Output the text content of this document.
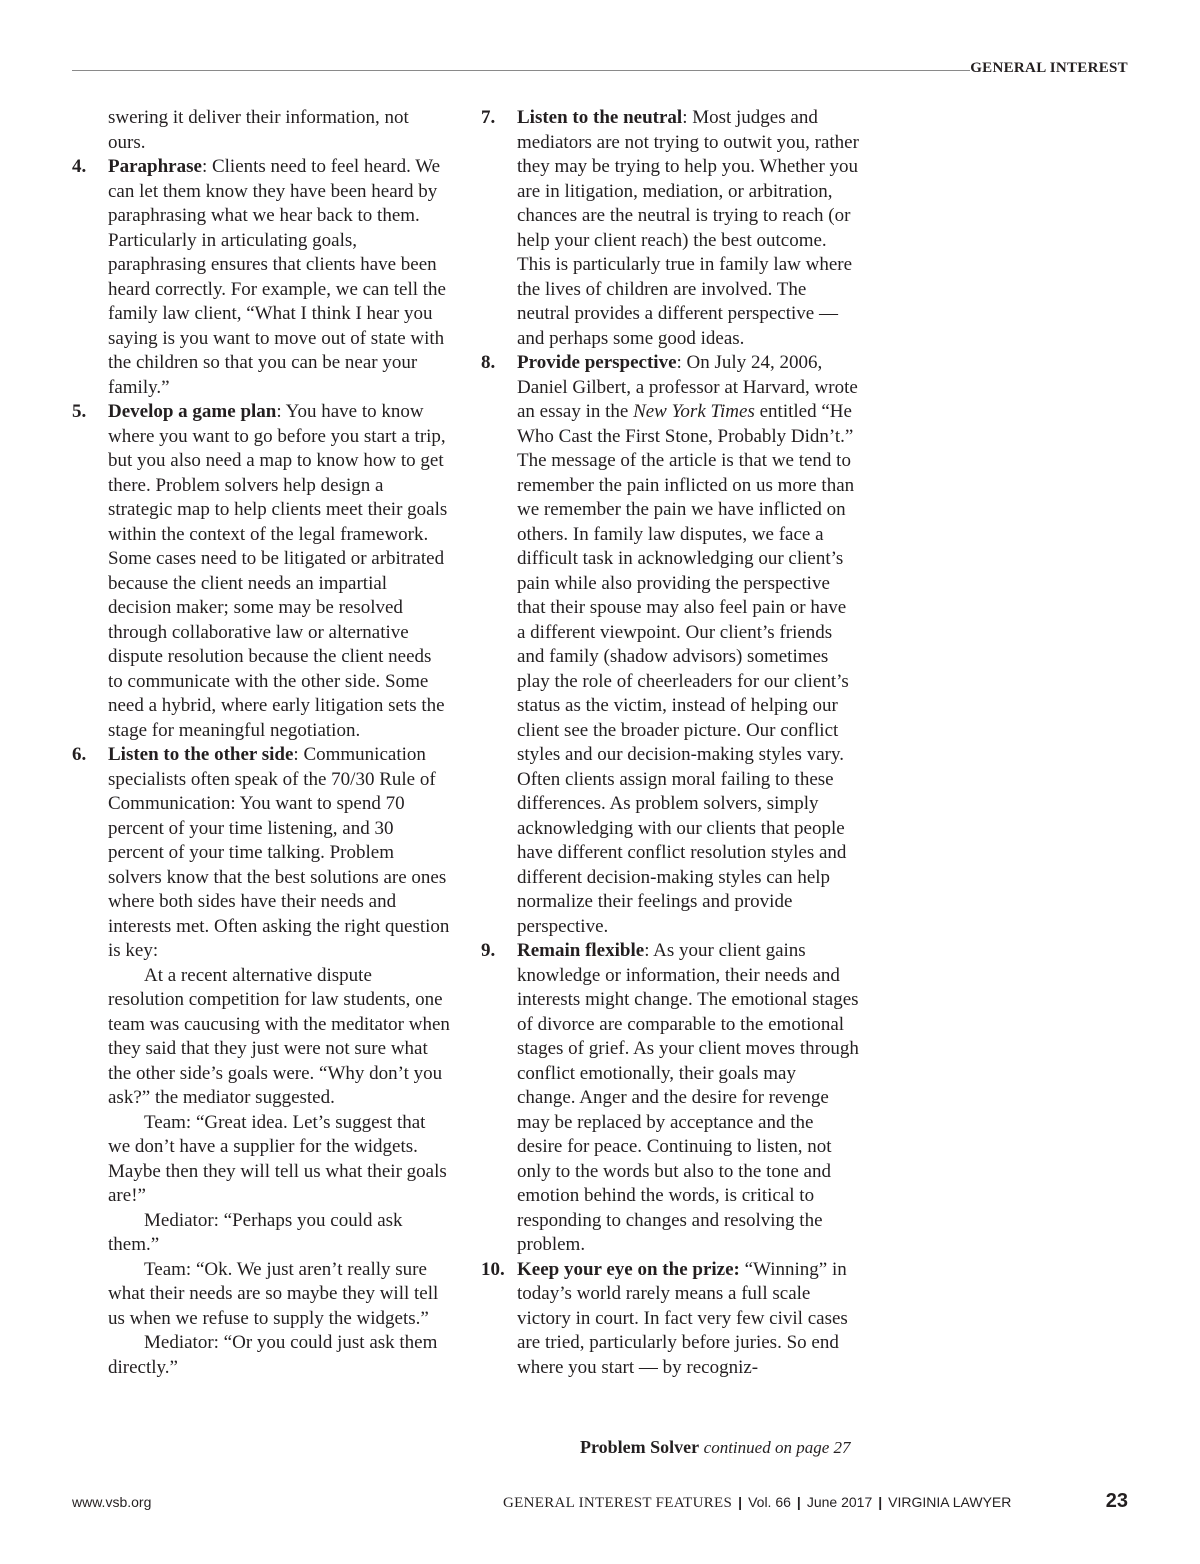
GENERAL INTEREST

swering it deliver their information, not ours.

4. Paraphrase: Clients need to feel heard. We can let them know they have been heard by paraphrasing what we hear back to them. Particularly in articulating goals, paraphrasing ensures that clients have been heard correctly. For example, we can tell the family law client, “What I think I hear you saying is you want to move out of state with the children so that you can be near your family.”

5. Develop a game plan: You have to know where you want to go before you start a trip, but you also need a map to know how to get there. Problem solvers help design a strategic map to help clients meet their goals within the context of the legal framework. Some cases need to be litigated or arbitrated because the client needs an impartial decision maker; some may be resolved through collaborative law or alternative dispute resolution because the client needs to communicate with the other side. Some need a hybrid, where early litigation sets the stage for meaningful negotiation.

6. Listen to the other side: Communication specialists often speak of the 70/30 Rule of Communication: You want to spend 70 percent of your time listening, and 30 percent of your time talking. Problem solvers know that the best solutions are ones where both sides have their needs and interests met. Often asking the right question is key:

At a recent alternative dispute resolution competition for law students, one team was caucusing with the meditator when they said that they just were not sure what the other side’s goals were. “Why don’t you ask?” the mediator suggested.

Team: “Great idea. Let’s suggest that we don’t have a supplier for the widgets. Maybe then they will tell us what their goals are!”

Mediator: “Perhaps you could ask them.”

Team: “Ok. We just aren’t really sure what their needs are so maybe they will tell us when we refuse to supply the widgets.”

Mediator: “Or you could just ask them directly.”

7. Listen to the neutral: Most judges and mediators are not trying to outwit you, rather they may be trying to help you. Whether you are in litigation, mediation, or arbitration, chances are the neutral is trying to reach (or help your client reach) the best outcome. This is particularly true in family law where the lives of children are involved. The neutral provides a different perspective — and perhaps some good ideas.

8. Provide perspective: On July 24, 2006, Daniel Gilbert, a professor at Harvard, wrote an essay in the New York Times entitled “He Who Cast the First Stone, Probably Didn’t.” The message of the article is that we tend to remember the pain inflicted on us more than we remember the pain we have inflicted on others. In family law disputes, we face a difficult task in acknowledging our client’s pain while also providing the perspective that their spouse may also feel pain or have a different viewpoint. Our client’s friends and family (shadow advisors) sometimes play the role of cheerleaders for our client’s status as the victim, instead of helping our client see the broader picture. Our conflict styles and our decision-making styles vary. Often clients assign moral failing to these differences. As problem solvers, simply acknowledging with our clients that people have different conflict resolution styles and different decision-making styles can help normalize their feelings and provide perspective.

9. Remain flexible: As your client gains knowledge or information, their needs and interests might change. The emotional stages of divorce are comparable to the emotional stages of grief. As your client moves through conflict emotionally, their goals may change. Anger and the desire for revenge may be replaced by acceptance and the desire for peace. Continuing to listen, not only to the words but also to the tone and emotion behind the words, is critical to responding to changes and resolving the problem.

10. Keep your eye on the prize: “Winning” in today’s world rarely means a full scale victory in court. In fact very few civil cases are tried, particularly before juries. So end where you start — by recogniz-

Problem Solver continued on page 27
www.vsb.org	GENERAL INTEREST FEATURES | Vol. 66 | June 2017 | VIRGINIA LAWYER	23
